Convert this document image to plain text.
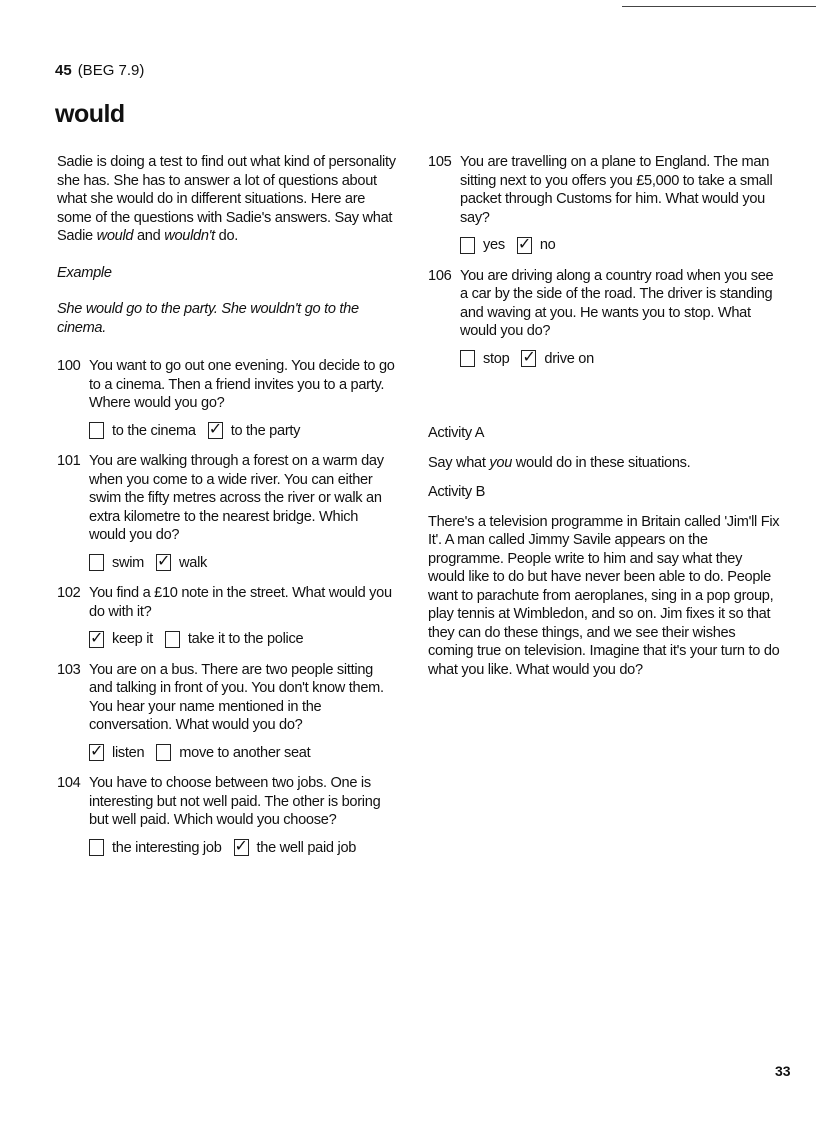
45 (BEG 7.9)
would

Sadie is doing a test to find out what kind of personality she has. She has to answer a lot of questions about what she would do in different situations. Here are some of the questions with Sadie's answers. Say what Sadie would and wouldn't do.

Example

She would go to the party. She wouldn't go to the cinema.

100 You want to go out one evening. You decide to go to a cinema. Then a friend invites you to a party. Where would you go?

to the cinema ✓ to the party
101 You are walking through a forest on a warm day when you come to a wide river. You can either swim the fifty metres across the river or walk an extra kilometre to the nearest bridge. Which would you do?

swim ✓ walk
102 You find a £10 note in the street. What would you do with it?

✓ keep it take it to the police
103 You are on a bus. There are two people sitting and talking in front of you. You don't know them. You hear your name mentioned in the conversation. What would you do?

✓ listen move to another seat
104 You have to choose between two jobs. One is interesting but not well paid. The other is boring but well paid. Which would you choose?

the interesting job ✓ the well paid job
105 You are travelling on a plane to England. The man sitting next to you offers you £5,000 to take a small packet through Customs for him. What would you say?

yes ✓ no
106 You are driving along a country road when you see a car by the side of the road. The driver is standing and waving at you. He wants you to stop. What would you do?

stop ✓ drive on

Activity A

Say what you would do in these situations.

Activity B

There's a television programme in Britain called 'Jim'll Fix It'. A man called Jimmy Savile appears on the programme. People write to him and say what they would like to do but have never been able to do. People want to parachute from aeroplanes, sing in a pop group, play tennis at Wimbledon, and so on. Jim fixes it so that they can do these things, and we see their wishes coming true on television. Imagine that it's your turn to do what you like. What would you do?

33
